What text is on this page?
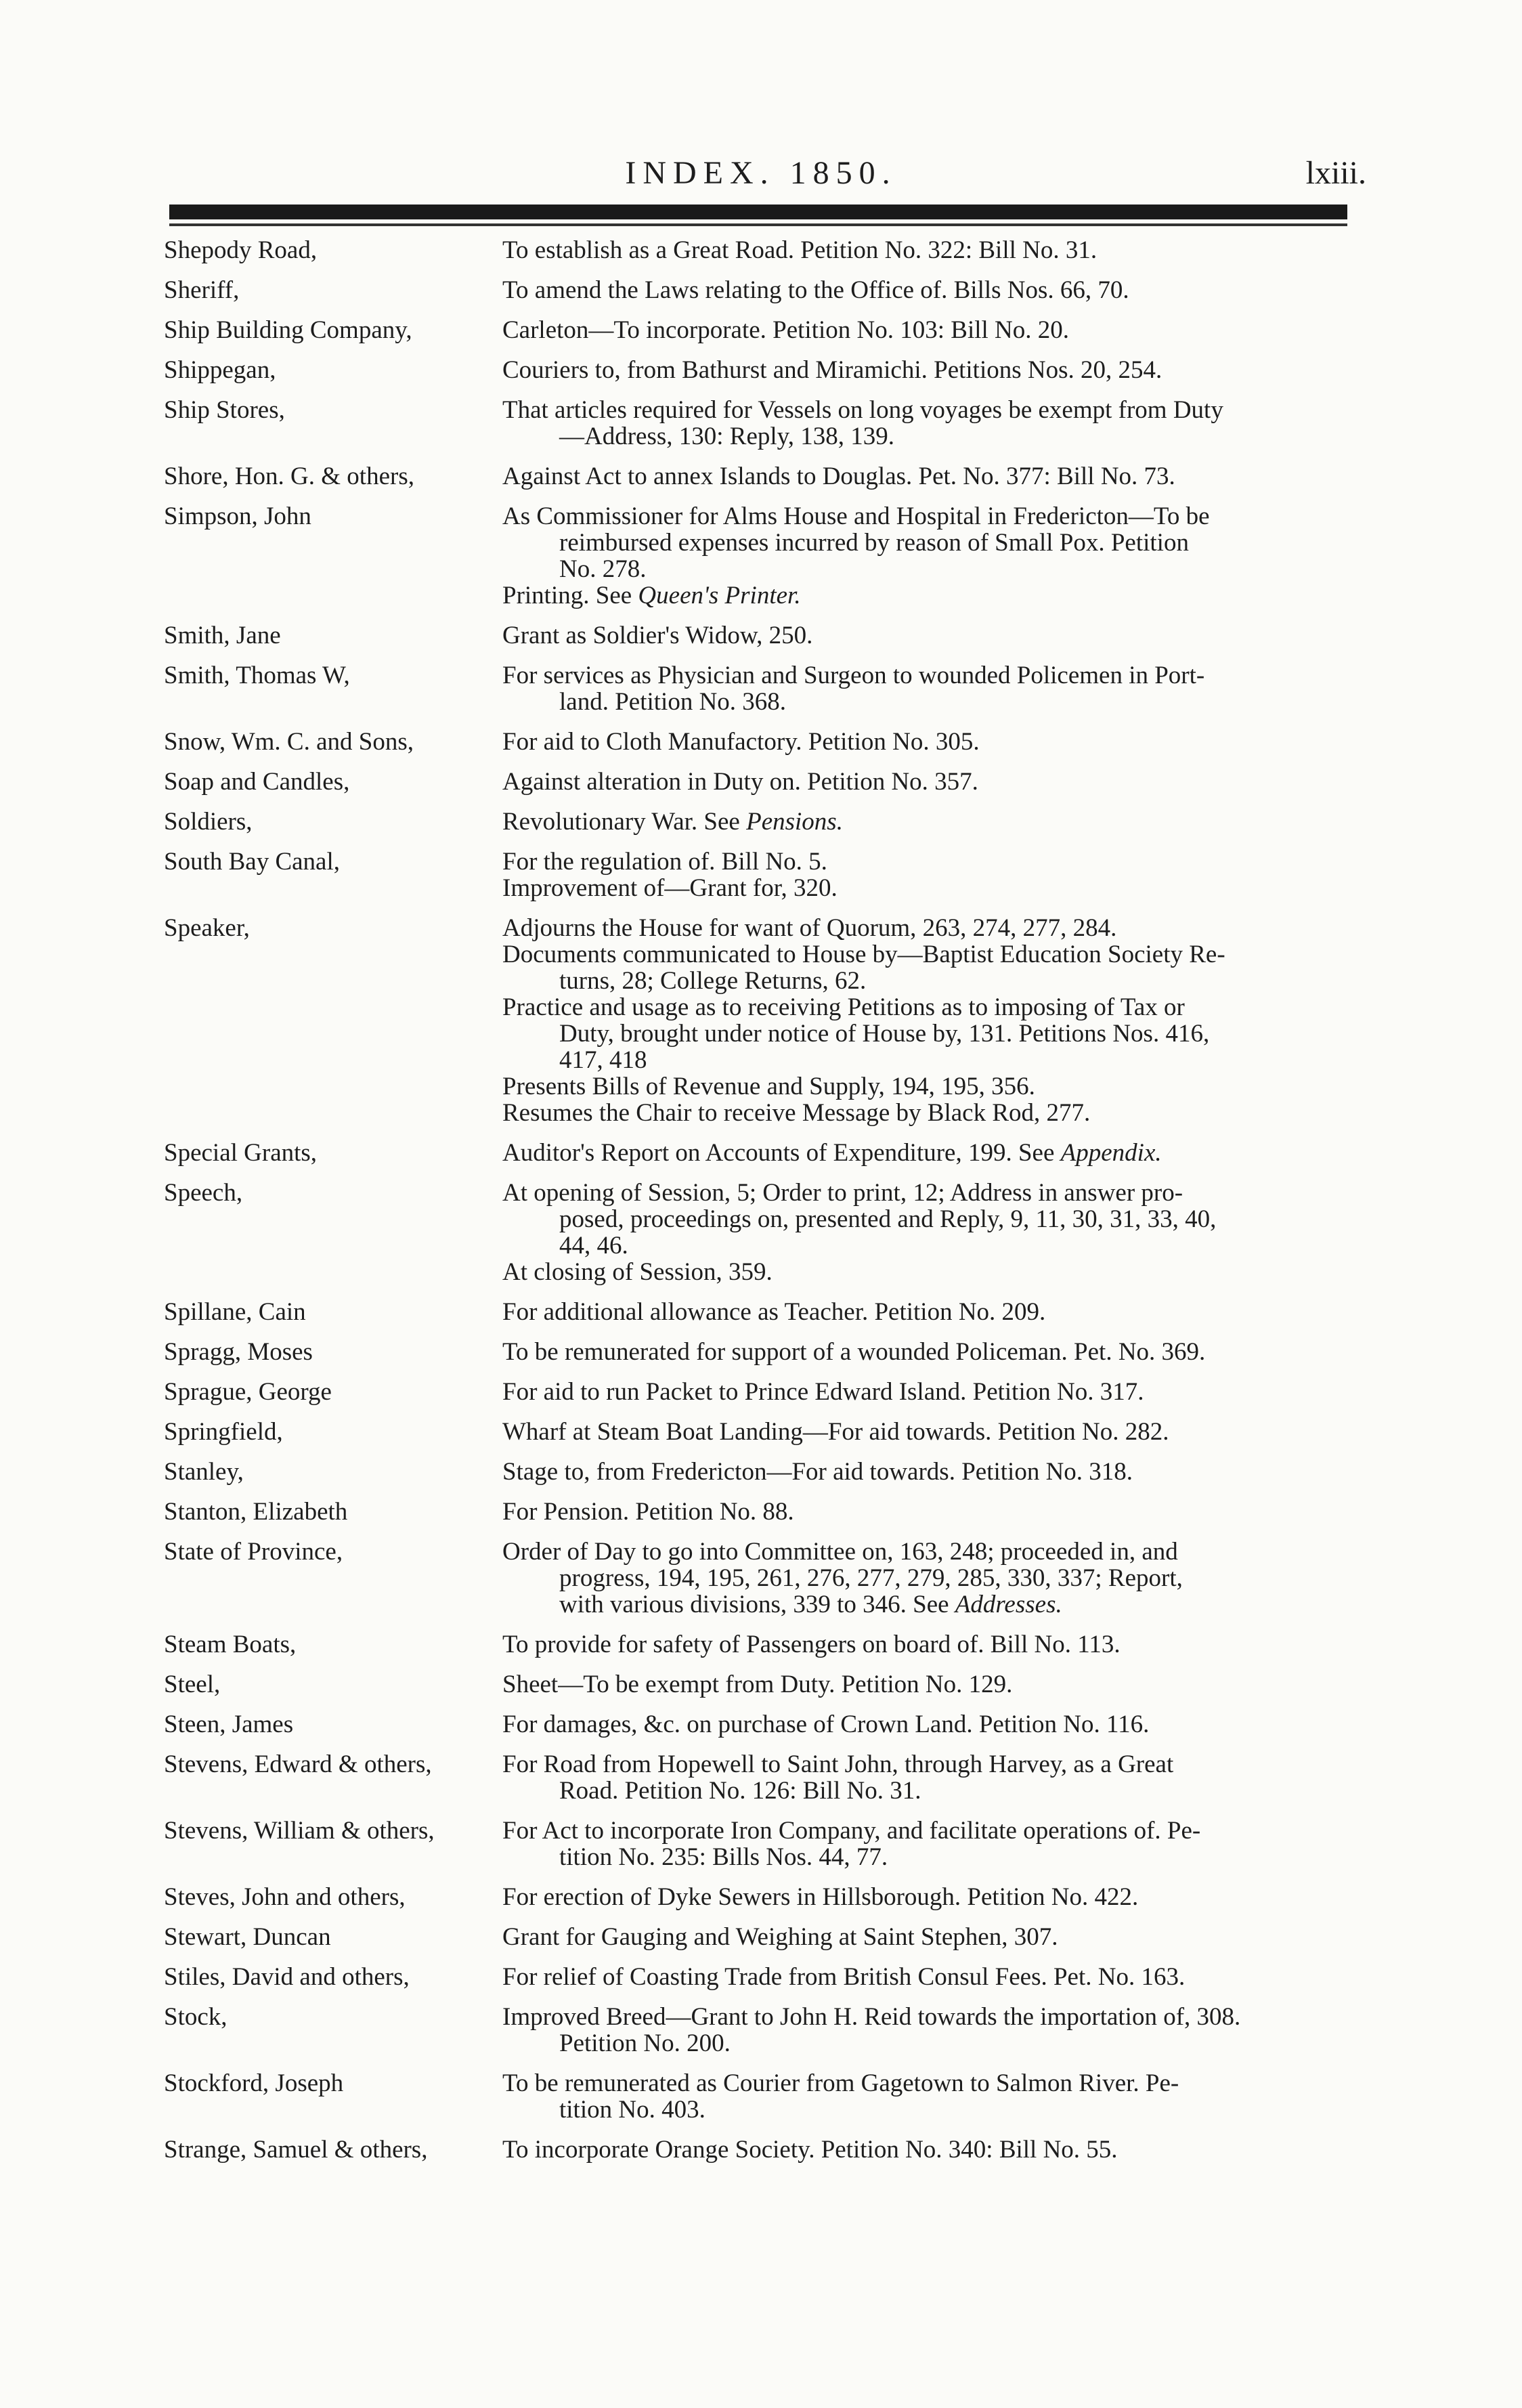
INDEX. 1850.	lxiii.
Shepody Road,	To establish as a Great Road. Petition No. 322: Bill No. 31.
Sheriff,	To amend the Laws relating to the Office of. Bills Nos. 66, 70.
Ship Building Company,	Carleton—To incorporate. Petition No. 103: Bill No. 20.
Shippegan,	Couriers to, from Bathurst and Miramichi. Petitions Nos. 20, 254.
Ship Stores,	That articles required for Vessels on long voyages be exempt from Duty
—Address, 130: Reply, 138, 139.
Shore, Hon. G. & others,	Against Act to annex Islands to Douglas. Pet. No. 377: Bill No. 73.
Simpson, John	As Commissioner for Alms House and Hospital in Fredericton—To be
reimbursed expenses incurred by reason of Small Pox. Petition
No. 278.
Printing. See Queen's Printer.
Smith, Jane	Grant as Soldier's Widow, 250.
Smith, Thomas W,	For services as Physician and Surgeon to wounded Policemen in Port-
land. Petition No. 368.
Snow, Wm. C. and Sons,	For aid to Cloth Manufactory. Petition No. 305.
Soap and Candles,	Against alteration in Duty on. Petition No. 357.
Soldiers,	Revolutionary War. See Pensions.
South Bay Canal,	For the regulation of. Bill No. 5.
Improvement of—Grant for, 320.
Speaker,	Adjourns the House for want of Quorum, 263, 274, 277, 284.
Documents communicated to House by—Baptist Education Society Re-
turns, 28; College Returns, 62.
Practice and usage as to receiving Petitions as to imposing of Tax or
Duty, brought under notice of House by, 131. Petitions Nos. 416,
417, 418
Presents Bills of Revenue and Supply, 194, 195, 356.
Resumes the Chair to receive Message by Black Rod, 277.
Special Grants,	Auditor's Report on Accounts of Expenditure, 199. See Appendix.
Speech,	At opening of Session, 5; Order to print, 12; Address in answer pro-
posed, proceedings on, presented and Reply, 9, 11, 30, 31, 33, 40,
44, 46.
At closing of Session, 359.
Spillane, Cain	For additional allowance as Teacher. Petition No. 209.
Spragg, Moses	To be remunerated for support of a wounded Policeman. Pet. No. 369.
Sprague, George	For aid to run Packet to Prince Edward Island. Petition No. 317.
Springfield,	Wharf at Steam Boat Landing—For aid towards. Petition No. 282.
Stanley,	Stage to, from Fredericton—For aid towards. Petition No. 318.
Stanton, Elizabeth	For Pension. Petition No. 88.
State of Province,	Order of Day to go into Committee on, 163, 248; proceeded in, and
progress, 194, 195, 261, 276, 277, 279, 285, 330, 337; Report,
with various divisions, 339 to 346. See Addresses.
Steam Boats,	To provide for safety of Passengers on board of. Bill No. 113.
Steel,	Sheet—To be exempt from Duty. Petition No. 129.
Steen, James	For damages, &c. on purchase of Crown Land. Petition No. 116.
Stevens, Edward & others,	For Road from Hopewell to Saint John, through Harvey, as a Great
Road. Petition No. 126: Bill No. 31.
Stevens, William & others,	For Act to incorporate Iron Company, and facilitate operations of. Pe-
tition No. 235: Bills Nos. 44, 77.
Steves, John and others,	For erection of Dyke Sewers in Hillsborough. Petition No. 422.
Stewart, Duncan	Grant for Gauging and Weighing at Saint Stephen, 307.
Stiles, David and others,	For relief of Coasting Trade from British Consul Fees. Pet. No. 163.
Stock,	Improved Breed—Grant to John H. Reid towards the importation of, 308.
Petition No. 200.
Stockford, Joseph	To be remunerated as Courier from Gagetown to Salmon River. Pe-
tition No. 403.
Strange, Samuel & others,	To incorporate Orange Society. Petition No. 340: Bill No. 55.
